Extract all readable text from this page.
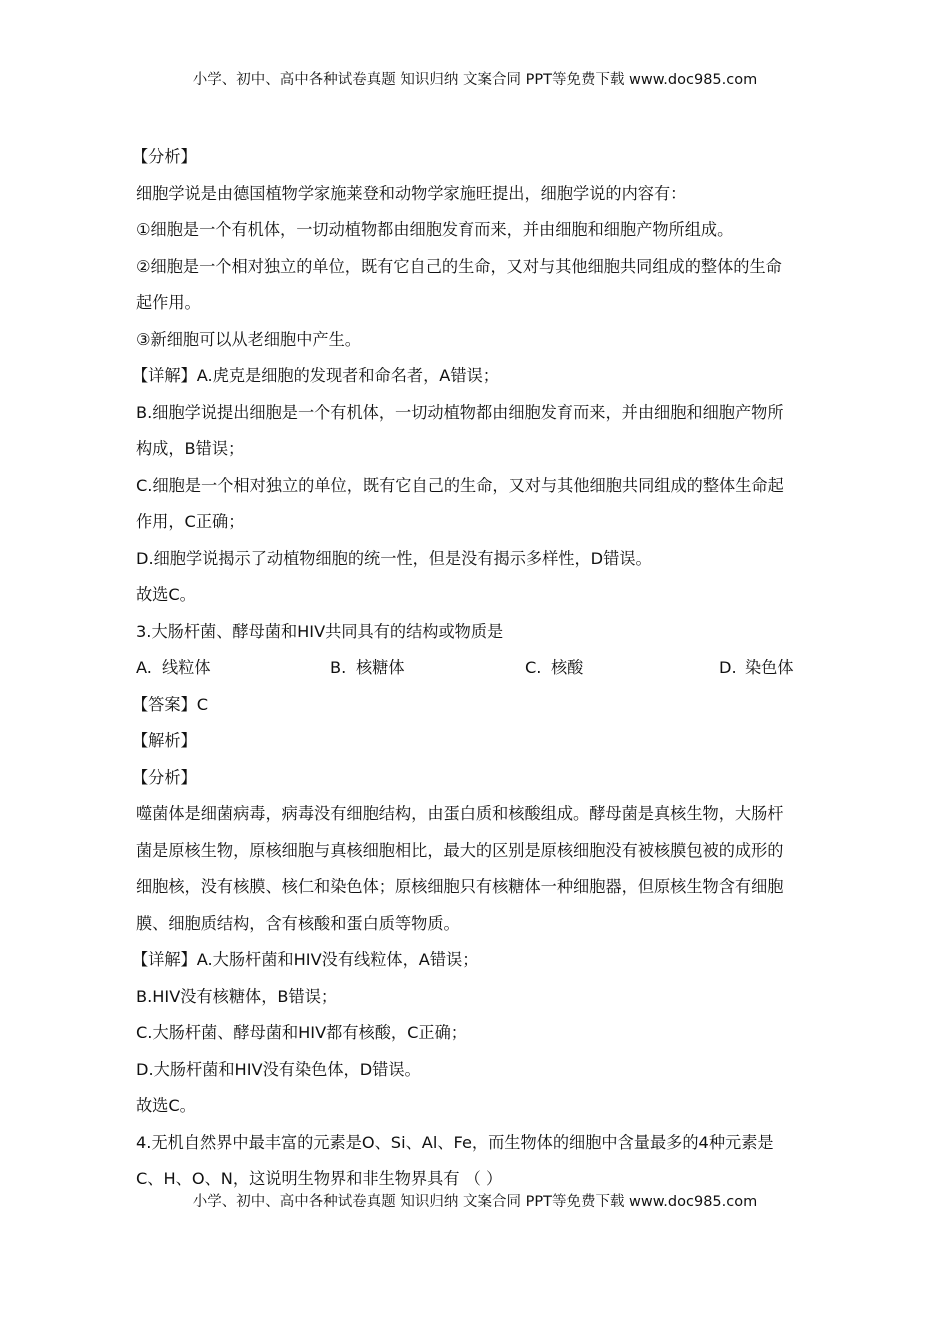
小学、初中、高中各种试卷真题 知识归纳 文案合同 PPT等免费下载 www.doc985.com
【分析】
细胞学说是由德国植物学家施莱登和动物学家施旺提出，细胞学说的内容有：
①细胞是一个有机体，一切动植物都由细胞发育而来，并由细胞和细胞产物所组成。
②细胞是一个相对独立的单位，既有它自己的生命，又对与其他细胞共同组成的整体的生命
起作用。
③新细胞可以从老细胞中产生。
【详解】A.虎克是细胞的发现者和命名者，A错误；
B.细胞学说提出细胞是一个有机体，一切动植物都由细胞发育而来，并由细胞和细胞产物所
构成，B错误；
C.细胞是一个相对独立的单位，既有它自己的生命，又对与其他细胞共同组成的整体生命起
作用，C正确；
D.细胞学说揭示了动植物细胞的统一性，但是没有揭示多样性，D错误。
故选C。
3.大肠杆菌、酵母菌和HIV共同具有的结构或物质是
A. 线粒体	B. 核糖体	C. 核酸	D. 染色体
【答案】C
【解析】
【分析】
噬菌体是细菌病毒，病毒没有细胞结构，由蛋白质和核酸组成。酵母菌是真核生物，大肠杆
菌是原核生物，原核细胞与真核细胞相比，最大的区别是原核细胞没有被核膜包被的成形的
细胞核，没有核膜、核仁和染色体；原核细胞只有核糖体一种细胞器，但原核生物含有细胞
膜、细胞质结构，含有核酸和蛋白质等物质。
【详解】A.大肠杆菌和HIV没有线粒体，A错误；
B.HIV没有核糖体，B错误；
C.大肠杆菌、酵母菌和HIV都有核酸，C正确；
D.大肠杆菌和HIV没有染色体，D错误。
故选C。
4.无机自然界中最丰富的元素是O、Si、Al、Fe，而生物体的细胞中含量最多的4种元素是
C、H、O、N，这说明生物界和非生物界具有 （ ）
小学、初中、高中各种试卷真题 知识归纳 文案合同 PPT等免费下载 www.doc985.com
